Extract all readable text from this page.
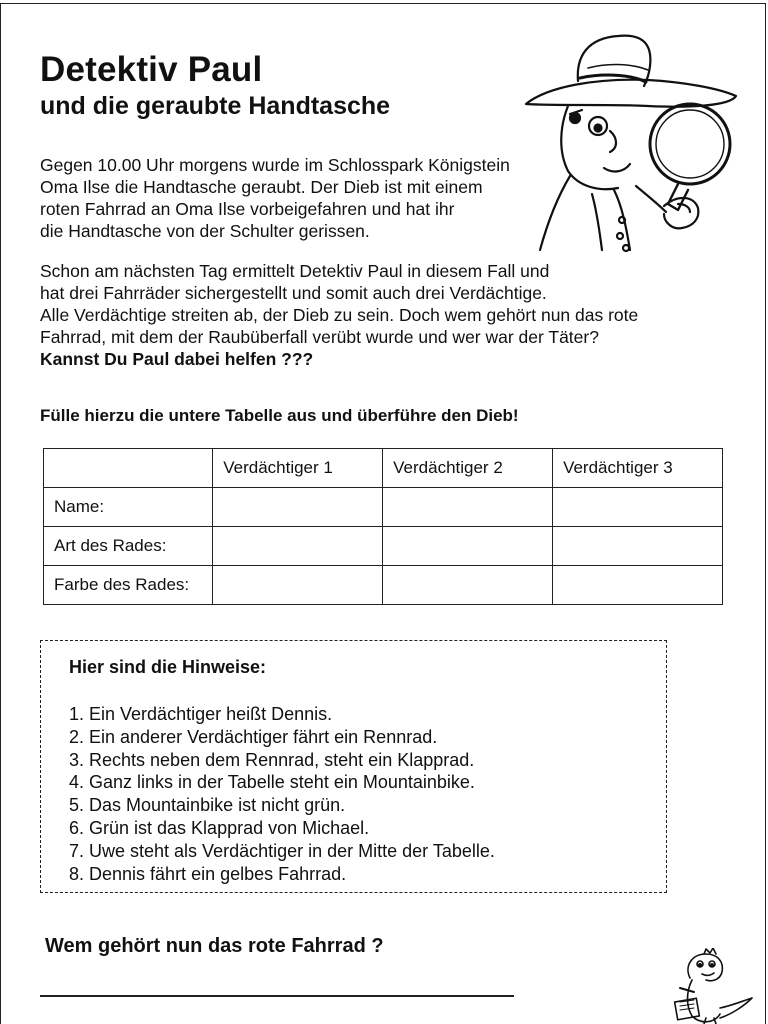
Detektiv Paul
und die geraubte Handtasche
Gegen 10.00 Uhr morgens wurde im Schlosspark Königstein
Oma Ilse die Handtasche geraubt. Der Dieb ist mit einem
roten Fahrrad an Oma Ilse vorbeigefahren und hat ihr
die Handtasche von der Schulter gerissen.
Schon am nächsten Tag ermittelt Detektiv Paul in diesem Fall und
hat drei Fahrräder sichergestellt und somit auch drei Verdächtige.
Alle Verdächtige streiten ab, der Dieb zu sein. Doch wem gehört nun das rote
Fahrrad, mit dem der Raubüberfall verübt wurde und wer war der Täter?
Kannst Du Paul dabei helfen ???

Fülle hierzu die untere Tabelle aus und überführe den Dieb!

	Verdächtiger 1	Verdächtiger 2	Verdächtiger 3
Name:			
Art des Rades:			
Farbe des Rades:			

Hier sind die Hinweise:

1. Ein Verdächtiger heißt Dennis.
2. Ein anderer Verdächtiger fährt ein Rennrad.
3. Rechts neben dem Rennrad, steht ein Klapprad.
4. Ganz links in der Tabelle steht ein Mountainbike.
5. Das Mountainbike ist nicht grün.
6. Grün ist das Klapprad von Michael.
7. Uwe steht als Verdächtiger in der Mitte der Tabelle.
8. Dennis fährt ein gelbes Fahrrad.

Wem gehört nun das rote Fahrrad ?
